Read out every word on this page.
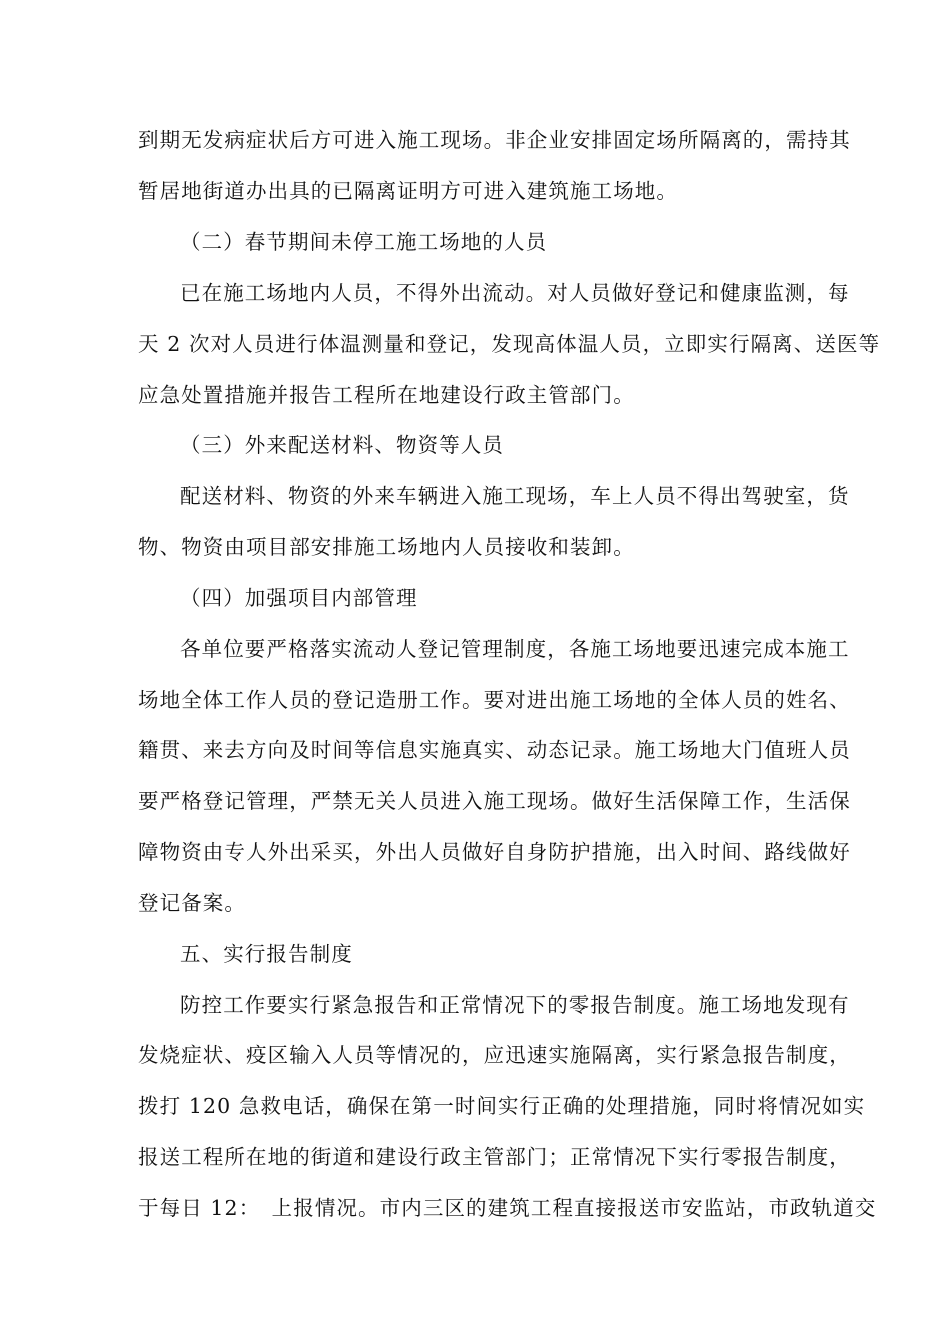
到期无发病症状后方可进入施工现场。非企业安排固定场所隔离的，需持其
暂居地街道办出具的已隔离证明方可进入建筑施工场地。
（二）春节期间未停工施工场地的人员
已在施工场地内人员，不得外出流动。对人员做好登记和健康监测，每
天 2 次对人员进行体温测量和登记，发现高体温人员，立即实行隔离、送医等
应急处置措施并报告工程所在地建设行政主管部门。
（三）外来配送材料、物资等人员
配送材料、物资的外来车辆进入施工现场，车上人员不得出驾驶室，货
物、物资由项目部安排施工场地内人员接收和装卸。
（四）加强项目内部管理
各单位要严格落实流动人登记管理制度，各施工场地要迅速完成本施工
场地全体工作人员的登记造册工作。要对进出施工场地的全体人员的姓名、
籍贯、来去方向及时间等信息实施真实、动态记录。施工场地大门值班人员
要严格登记管理，严禁无关人员进入施工现场。做好生活保障工作，生活保
障物资由专人外出采买，外出人员做好自身防护措施，出入时间、路线做好
登记备案。
五、实行报告制度
防控工作要实行紧急报告和正常情况下的零报告制度。施工场地发现有
发烧症状、疫区输入人员等情况的，应迅速实施隔离，实行紧急报告制度，
拨打 120 急救电话，确保在第一时间实行正确的处理措施，同时将情况如实
报送工程所在地的街道和建设行政主管部门；正常情况下实行零报告制度，
于每日 12：　上报情况。市内三区的建筑工程直接报送市安监站，市政轨道交
